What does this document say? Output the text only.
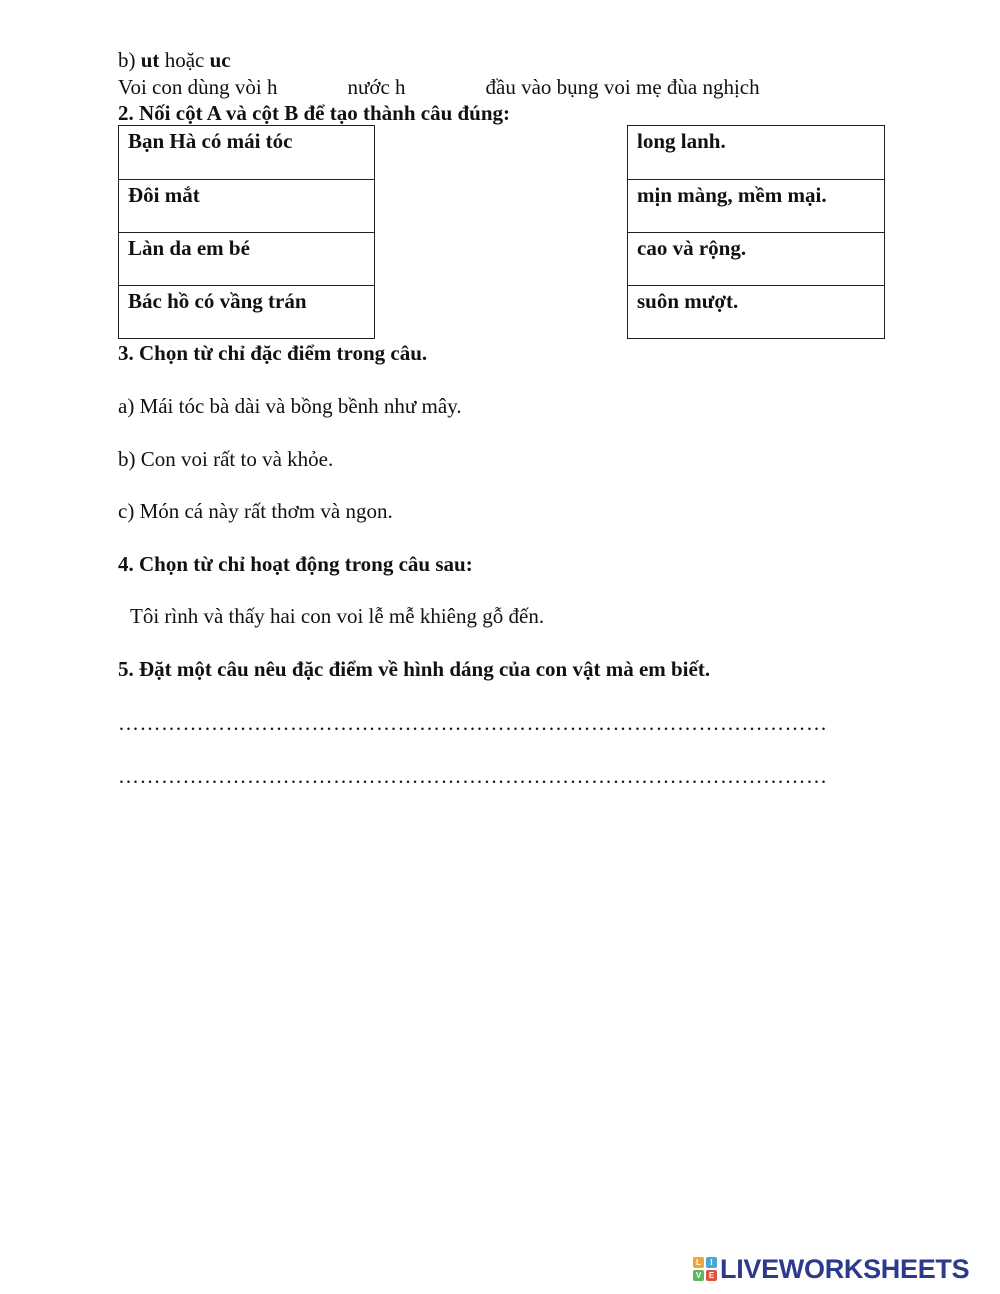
b) ut hoặc uc
Voi con dùng vòi h	nước h	đầu vào bụng voi mẹ đùa nghịch
2. Nối cột A và cột B để tạo thành câu đúng:
Bạn Hà có mái tóc
Đôi mắt
Làn da em bé
Bác hồ có vầng trán
long lanh.
mịn màng, mềm mại.
cao và rộng.
suôn mượt.
3. Chọn từ chỉ đặc điểm trong câu.
a) Mái tóc bà dài và bồng bềnh như mây.
b) Con voi rất to và khỏe.
c) Món cá này rất thơm và ngon.
4. Chọn từ chỉ hoạt động trong câu sau:
Tôi rình và thấy hai con voi lễ mễ khiêng gỗ đến.
5. Đặt một câu nêu đặc điểm về hình dáng của con vật mà em biết.
………………………………………………………………………………………
………………………………………………………………………………………
L	I
V E LIVEWORKSHEETS
